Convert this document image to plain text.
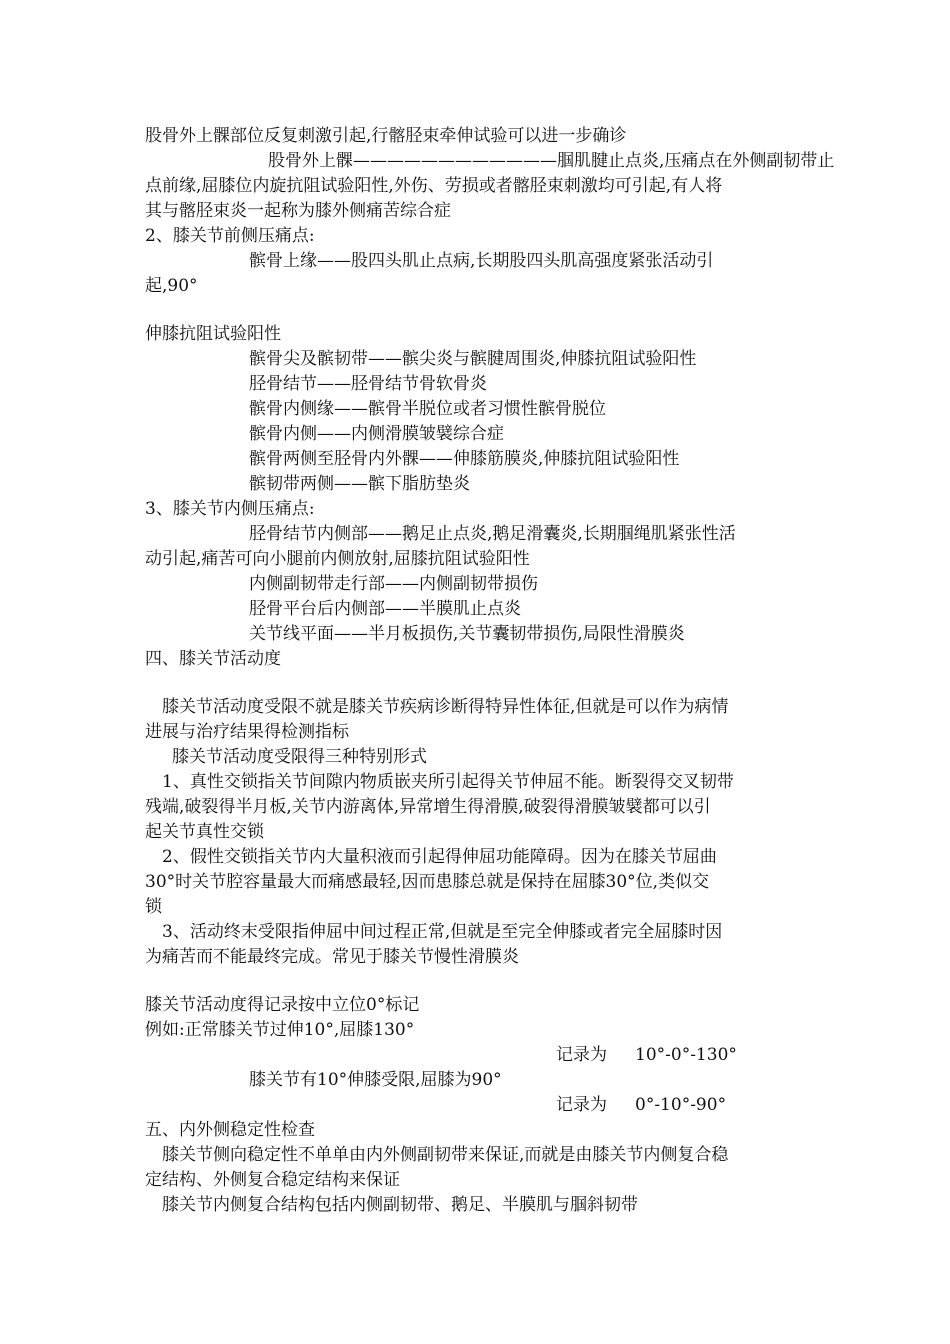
股骨外上髁部位反复刺激引起,行髂胫束牵伸试验可以进一步确诊
股骨外上髁————————————腘肌腱止点炎,压痛点在外侧副韧带止
点前缘,屈膝位内旋抗阻试验阳性,外伤、劳损或者髂胫束刺激均可引起,有人将
其与髂胫束炎一起称为膝外侧痛苦综合症
2、膝关节前侧压痛点:
髌骨上缘——股四头肌止点病,长期股四头肌高强度紧张活动引
起,90°
伸膝抗阻试验阳性
髌骨尖及髌韧带——髌尖炎与髌腱周围炎,伸膝抗阻试验阳性
胫骨结节——胫骨结节骨软骨炎
髌骨内侧缘——髌骨半脱位或者习惯性髌骨脱位
髌骨内侧——内侧滑膜皱襞综合症
髌骨两侧至胫骨内外髁——伸膝筋膜炎,伸膝抗阻试验阳性
髌韧带两侧——髌下脂肪垫炎
3、膝关节内侧压痛点:
胫骨结节内侧部——鹅足止点炎,鹅足滑囊炎,长期腘绳肌紧张性活
动引起,痛苦可向小腿前内侧放射,屈膝抗阻试验阳性
内侧副韧带走行部——内侧副韧带损伤
胫骨平台后内侧部——半膜肌止点炎
关节线平面——半月板损伤,关节囊韧带损伤,局限性滑膜炎
四、膝关节活动度
膝关节活动度受限不就是膝关节疾病诊断得特异性体征,但就是可以作为病情
进展与治疗结果得检测指标
膝关节活动度受限得三种特别形式
1、真性交锁指关节间隙内物质嵌夹所引起得关节伸屈不能。断裂得交叉韧带
残端,破裂得半月板,关节内游离体,异常增生得滑膜,破裂得滑膜皱襞都可以引
起关节真性交锁
2、假性交锁指关节内大量积液而引起得伸屈功能障碍。因为在膝关节屈曲
30°时关节腔容量最大而痛感最轻,因而患膝总就是保持在屈膝30°位,类似交
锁
3、活动终末受限指伸屈中间过程正常,但就是至完全伸膝或者完全屈膝时因
为痛苦而不能最终完成。常见于膝关节慢性滑膜炎
膝关节活动度得记录按中立位0°标记
例如:正常膝关节过伸10°,屈膝130°
记录为 10°-0°-130°
膝关节有10°伸膝受限,屈膝为90°
记录为 0°-10°-90°
五、内外侧稳定性检查
膝关节侧向稳定性不单单由内外侧副韧带来保证,而就是由膝关节内侧复合稳
定结构、外侧复合稳定结构来保证
膝关节内侧复合结构包括内侧副韧带、鹅足、半膜肌与腘斜韧带
